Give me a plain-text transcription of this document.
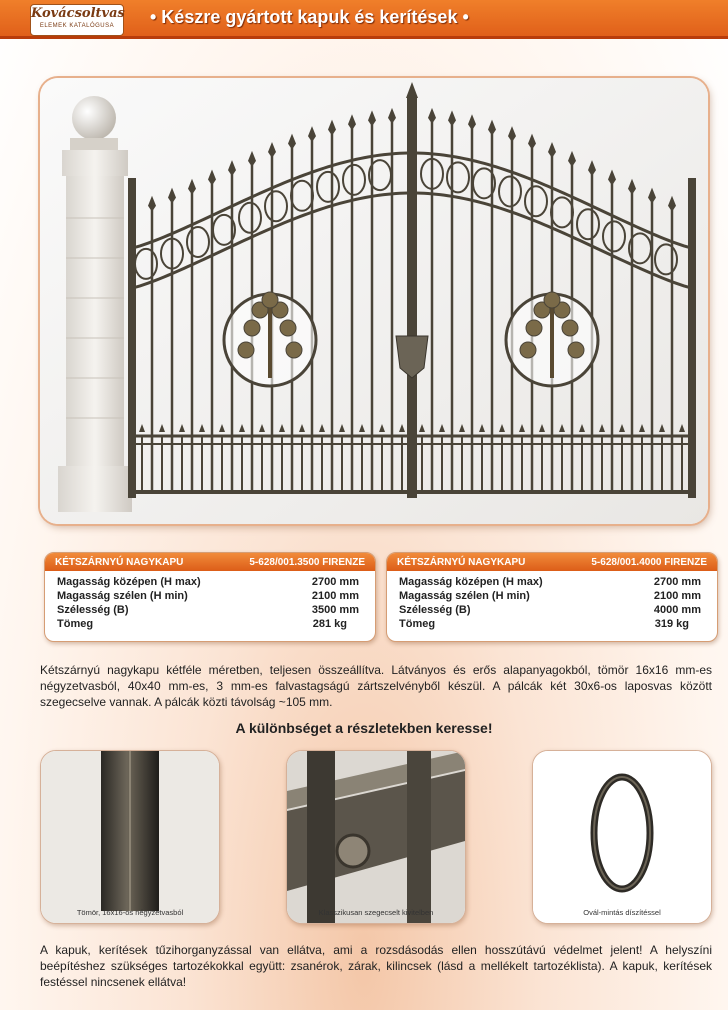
Kovácsoltvas
ELEMEK KATALÓGUSA	• Készre gyártott kapuk és kerítések •
KÉTSZÁRNYÚ NAGYKAPU	5-628/001.3500 FIRENZE
Magasság középen (H max)	2700 mm
Magasság szélen (H min)	2100 mm
Szélesség (B)	3500 mm
Tömeg	281 kg
KÉTSZÁRNYÚ NAGYKAPU	5-628/001.4000 FIRENZE
Magasság középen (H max)	2700 mm
Magasság szélen (H min)	2100 mm
Szélesség (B)	4000 mm
Tömeg	319 kg
Kétszárnyú nagykapu kétféle méretben, teljesen összeállítva. Látványos és erős alapanyagokból, tömör 16x16 mm-es négyzetvasból, 40x40 mm-es, 3 mm-es falvastagságú zártszelvényből készül. A pálcák két 30x6-os laposvas között szegecselve vannak. A pálcák közti távolság ~105 mm.
A különbséget a részletekben keresse!
Tömör, 16x16-os négyzetvasból	Klasszikusan szegecselt kivitelben	Ovál-mintás díszítéssel
A kapuk, kerítések tűzihorganyzással van ellátva, ami a rozsdásodás ellen hosszútávú védelmet jelent! A helyszíni beépítéshez szükséges tartozékokkal együtt: zsanérok, zárak, kilincsek (lásd a mellékelt tartozéklista). A kapuk, kerítések festéssel nincsenek ellátva!
